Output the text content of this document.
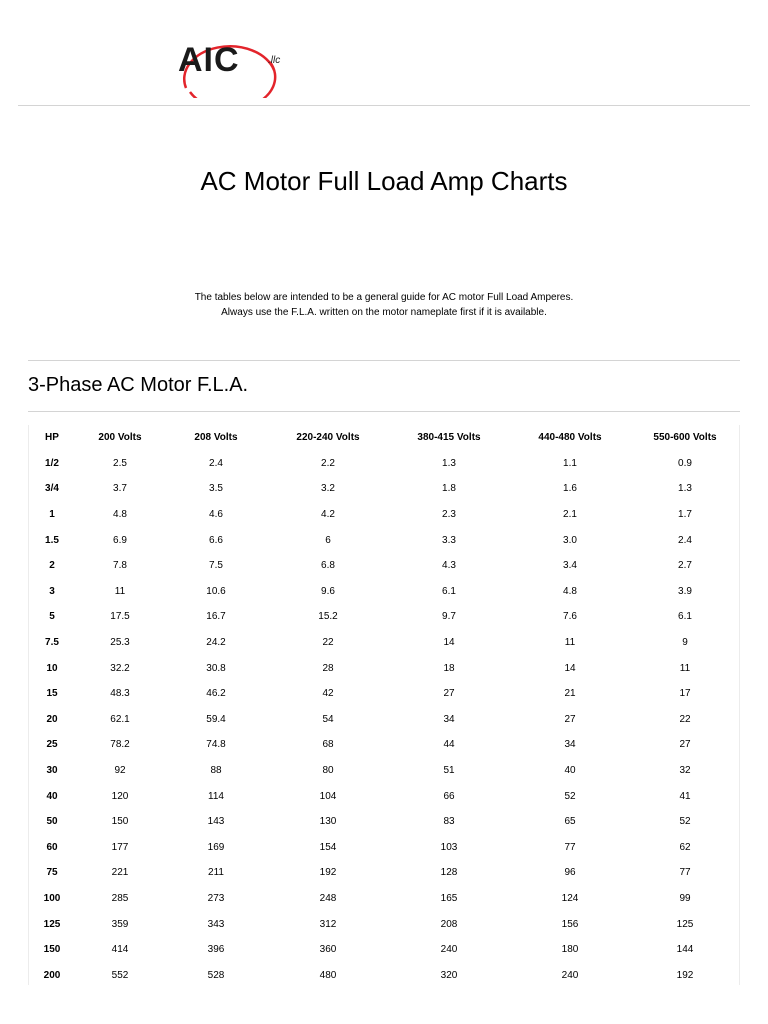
AIC	.llc
AC Motor Full Load Amp Charts
The tables below are intended to be a general guide for AC motor Full Load Amperes.
Always use the F.L.A. written on the motor nameplate first if it is available.
3-Phase AC Motor F.L.A.
HP	200 Volts	208 Volts	220-240 Volts	380-415 Volts	440-480 Volts	550-600 Volts
1/2	2.5	2.4	2.2	1.3	1.1	0.9
3/4	3.7	3.5	3.2	1.8	1.6	1.3
1	4.8	4.6	4.2	2.3	2.1	1.7
1.5	6.9	6.6	6	3.3	3.0	2.4
2	7.8	7.5	6.8	4.3	3.4	2.7
3	11	10.6	9.6	6.1	4.8	3.9
5	17.5	16.7	15.2	9.7	7.6	6.1
7.5	25.3	24.2	22	14	11	9
10	32.2	30.8	28	18	14	11
15	48.3	46.2	42	27	21	17
20	62.1	59.4	54	34	27	22
25	78.2	74.8	68	44	34	27
30	92	88	80	51	40	32
40	120	114	104	66	52	41
50	150	143	130	83	65	52
60	177	169	154	103	77	62
75	221	211	192	128	96	77
100	285	273	248	165	124	99
125	359	343	312	208	156	125
150	414	396	360	240	180	144
200	552	528	480	320	240	192
